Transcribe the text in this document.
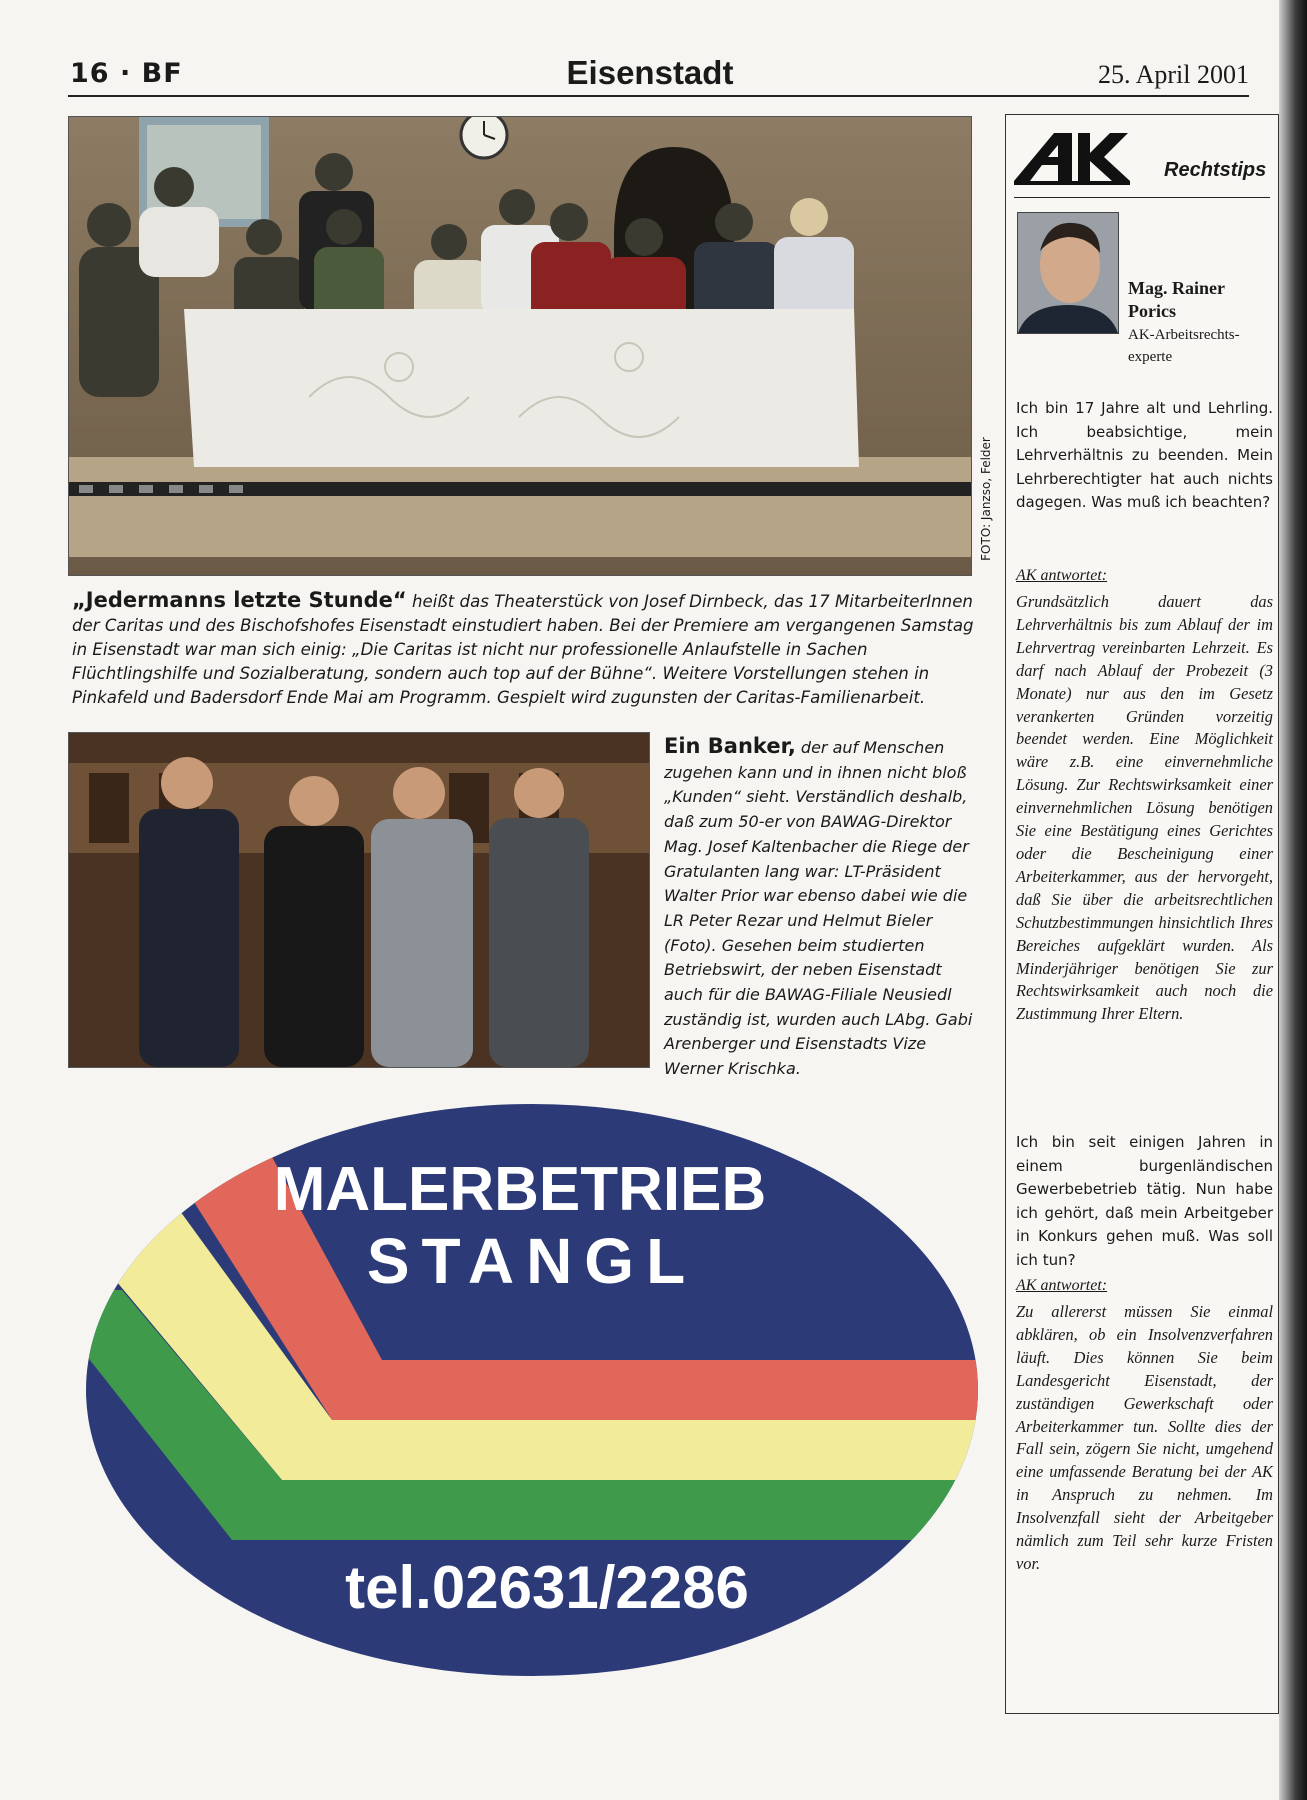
16 · BF	Eisenstadt	25. April 2001
FOTO: Janzso, Felder
„Jedermanns letzte Stunde“ heißt das Theaterstück von Josef Dirnbeck, das 17 MitarbeiterInnen der Caritas und des Bischofshofes Eisenstadt einstudiert haben. Bei der Premiere am vergangenen Samstag in Eisenstadt war man sich einig: „Die Caritas ist nicht nur professionelle Anlaufstelle in Sachen Flüchtlingshilfe und Sozialberatung, sondern auch top auf der Bühne“. Weitere Vorstellungen stehen in Pinkafeld und Badersdorf Ende Mai am Programm. Gespielt wird zugunsten der Caritas-Familienarbeit.
Ein Banker, der auf Menschen zugehen kann und in ihnen nicht bloß „Kunden“ sieht. Verständlich deshalb, daß zum 50-er von BAWAG-Direktor Mag. Josef Kaltenbacher die Riege der Gratulanten lang war: LT-Präsident Walter Prior war ebenso dabei wie die LR Peter Rezar und Helmut Bieler (Foto). Gesehen beim studierten Betriebswirt, der neben Eisenstadt auch für die BAWAG-Filiale Neusiedl zuständig ist, wurden auch LAbg. Gabi Arenberger und Eisenstadts Vize Werner Krischka.
MALERBETRIEB
STANGL
tel.02631/2286
Rechtstips
Mag. Rainer
Porics
AK-Arbeitsrechts-experte
Ich bin 17 Jahre alt und Lehrling. Ich beabsichtige, mein Lehrverhältnis zu beenden. Mein Lehrberechtigter hat auch nichts dagegen. Was muß ich beachten?
AK antwortet:
Grundsätzlich dauert das Lehrverhältnis bis zum Ablauf der im Lehrvertrag vereinbarten Lehrzeit. Es darf nach Ablauf der Probezeit (3 Monate) nur aus den im Gesetz verankerten Gründen vorzeitig beendet werden. Eine Möglichkeit wäre z.B. eine einvernehmliche Lösung. Zur Rechtswirksamkeit einer einvernehmlichen Lösung benötigen Sie eine Bestätigung eines Gerichtes oder die Bescheinigung einer Arbeiterkammer, aus der hervorgeht, daß Sie über die arbeitsrechtlichen Schutzbestimmungen hinsichtlich Ihres Bereiches aufgeklärt wurden. Als Minderjähriger benötigen Sie zur Rechtswirksamkeit auch noch die Zustimmung Ihrer Eltern.
Ich bin seit einigen Jahren in einem burgenländischen Gewerbebetrieb tätig. Nun habe ich gehört, daß mein Arbeitgeber in Konkurs gehen muß. Was soll ich tun?
AK antwortet:
Zu allererst müssen Sie einmal abklären, ob ein Insolvenzverfahren läuft. Dies können Sie beim Landesgericht Eisenstadt, der zuständigen Gewerkschaft oder Arbeiterkammer tun. Sollte dies der Fall sein, zögern Sie nicht, umgehend eine umfassende Beratung bei der AK in Anspruch zu nehmen. Im Insolvenzfall sieht der Arbeitgeber nämlich zum Teil sehr kurze Fristen vor.
